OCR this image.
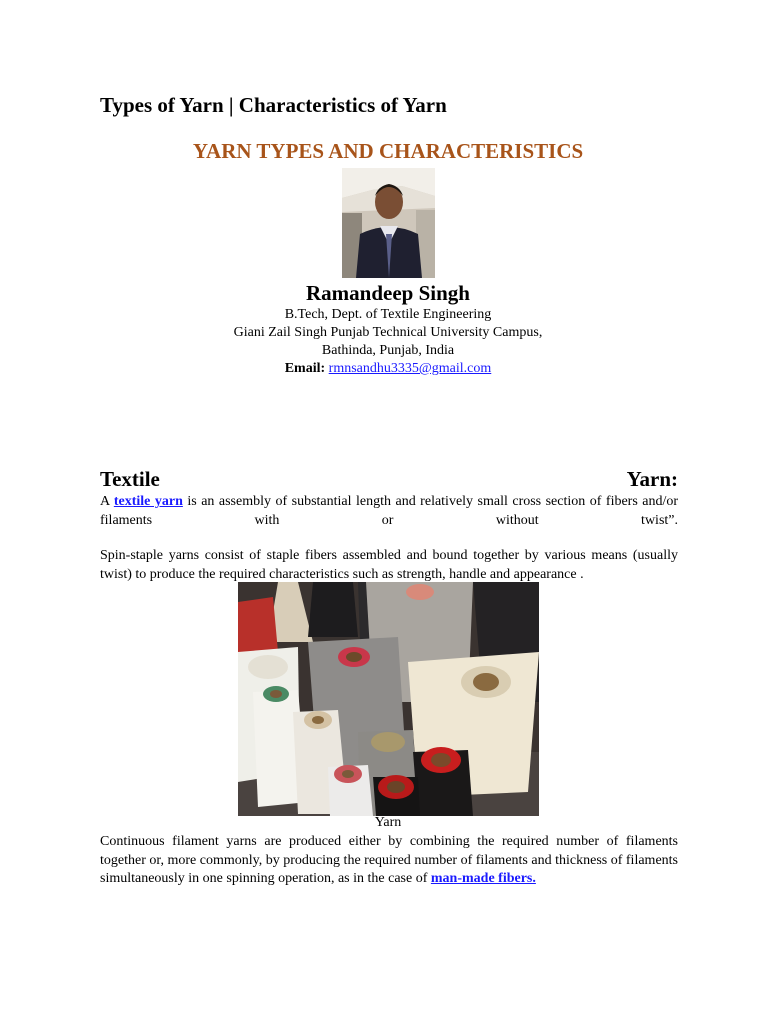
Types of Yarn | Characteristics of Yarn
YARN TYPES AND CHARACTERISTICS

Ramandeep Singh

B.Tech, Dept. of Textile Engineering

Giani Zail Singh Punjab Technical University Campus,

Bathinda, Punjab, India

Email: rmnsandhu3335@gmail.com

Textile	Yarn:

A textile yarn is an assembly of substantial length and relatively small cross section of fibers and/or filaments with or without twist”.

Spin-staple yarns consist of staple fibers assembled and bound together by various means (usually twist) to produce the required characteristics such as strength, handle and appearance .

Yarn

Continuous filament yarns are produced either by combining the required number of filaments together or, more commonly, by producing the required number of filaments and thickness of filaments simultaneously in one spinning operation, as in the case of man-made fibers.
